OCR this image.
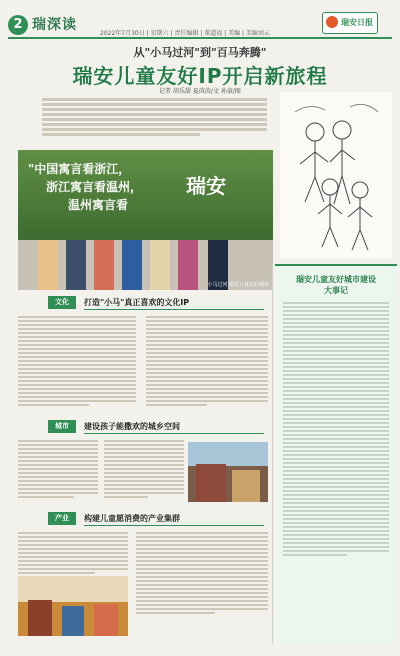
2 瑞深读
2022年7月30日 | 星期六 | 责任编辑 | 董道福 | 美编 | 美编刘云
瑞安日报
从"小马过河"到"百马奔腾"
瑞安儿童友好IP开启新旅程
记者 胡乐甜 夏茵茵/文 孙豪/图
"中国寓言看浙江，
浙江寓言看温州，
温州寓言看
瑞安
小马过河 瑞安儿童友好城市
文化	打造"小马"真正喜欢的文化IP
城市	建设孩子能撒欢的城乡空间
产业	构建儿童愿消费的产业集群
瑞安儿童友好城市建设
大事记
